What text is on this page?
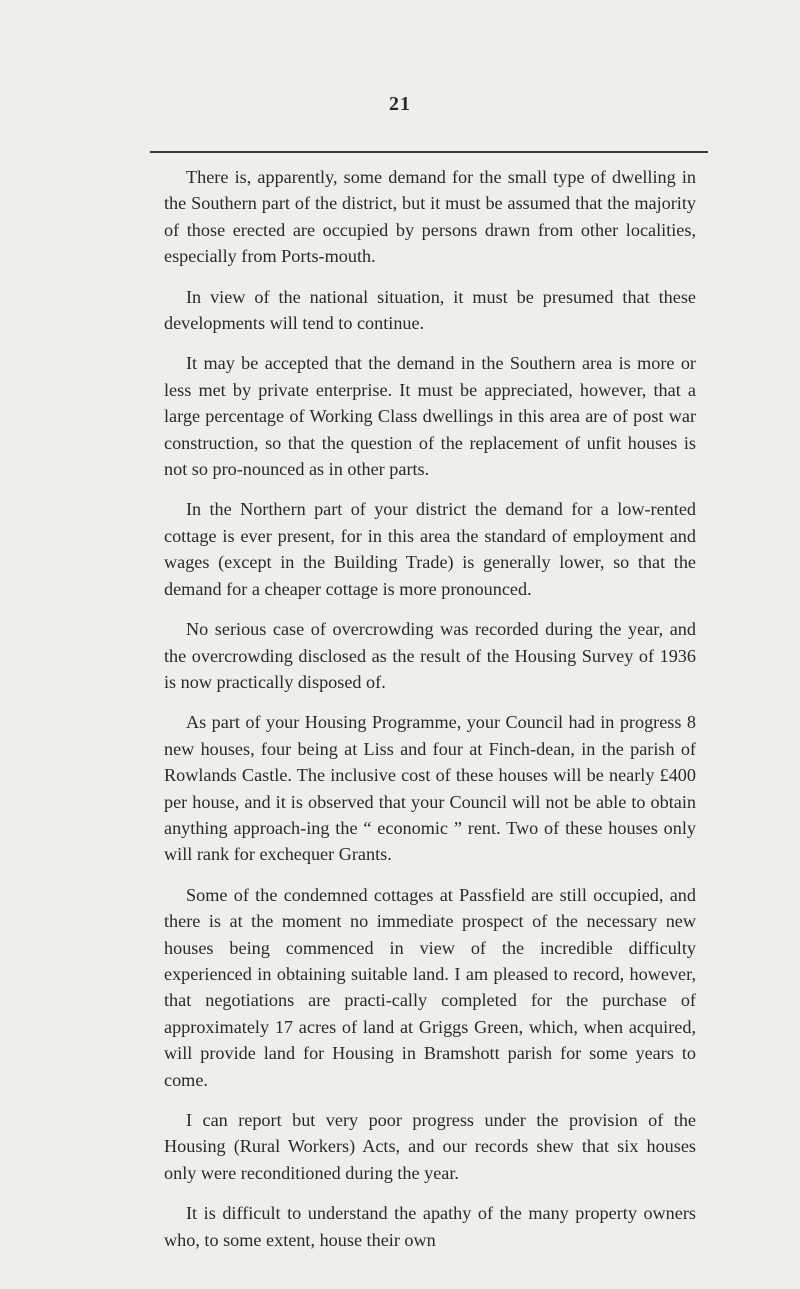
21

There is, apparently, some demand for the small type of dwelling in the Southern part of the district, but it must be assumed that the majority of those erected are occupied by persons drawn from other localities, especially from Ports-mouth.

In view of the national situation, it must be presumed that these developments will tend to continue.

It may be accepted that the demand in the Southern area is more or less met by private enterprise. It must be appreciated, however, that a large percentage of Working Class dwellings in this area are of post war construction, so that the question of the replacement of unfit houses is not so pro-nounced as in other parts.

In the Northern part of your district the demand for a low-rented cottage is ever present, for in this area the standard of employment and wages (except in the Building Trade) is generally lower, so that the demand for a cheaper cottage is more pronounced.

No serious case of overcrowding was recorded during the year, and the overcrowding disclosed as the result of the Housing Survey of 1936 is now practically disposed of.

As part of your Housing Programme, your Council had in progress 8 new houses, four being at Liss and four at Finch-dean, in the parish of Rowlands Castle. The inclusive cost of these houses will be nearly £400 per house, and it is observed that your Council will not be able to obtain anything approach-ing the “ economic ” rent. Two of these houses only will rank for exchequer Grants.

Some of the condemned cottages at Passfield are still occupied, and there is at the moment no immediate prospect of the necessary new houses being commenced in view of the incredible difficulty experienced in obtaining suitable land. I am pleased to record, however, that negotiations are practi-cally completed for the purchase of approximately 17 acres of land at Griggs Green, which, when acquired, will provide land for Housing in Bramshott parish for some years to come.

I can report but very poor progress under the provision of the Housing (Rural Workers) Acts, and our records shew that six houses only were reconditioned during the year.

It is difficult to understand the apathy of the many property owners who, to some extent, house their own
